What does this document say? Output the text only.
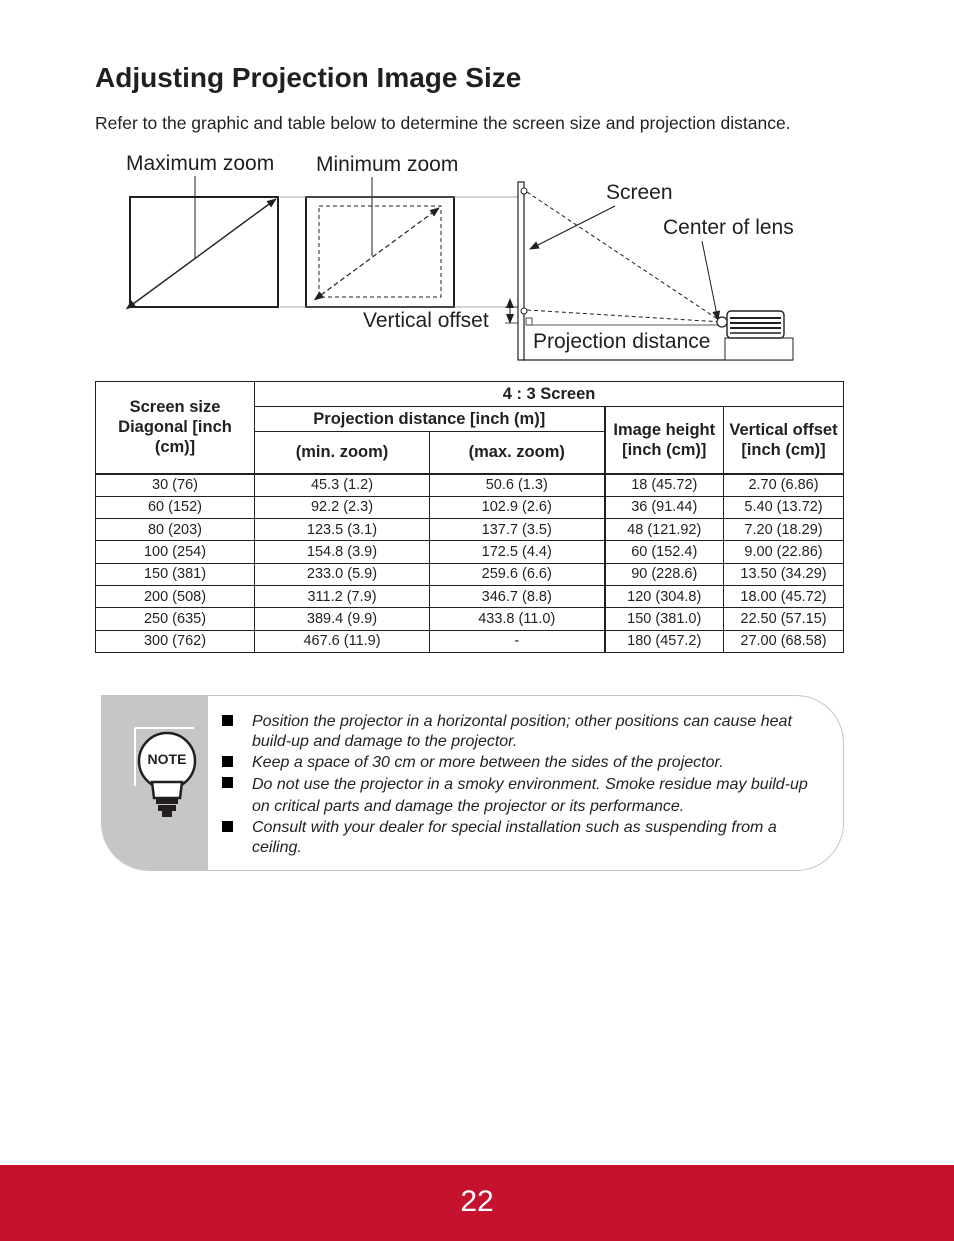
Adjusting Projection Image Size

Refer to the graphic and table below to determine the screen size and projection distance.

Maximum zoom Minimum zoom
Screen
Center of lens
Vertical offset
Projection distance
Screen size Diagonal [inch (cm)]	4 : 3 Screen			
	Projection distance [inch (m)]		Image height [inch (cm)]	Vertical offset [inch (cm)]
	(min. zoom)	(max. zoom)		
30 (76)	45.3 (1.2)	50.6 (1.3)	18 (45.72)	2.70 (6.86)
60 (152)	92.2 (2.3)	102.9 (2.6)	36 (91.44)	5.40 (13.72)
80 (203)	123.5 (3.1)	137.7 (3.5)	48 (121.92)	7.20 (18.29)
100 (254)	154.8 (3.9)	172.5 (4.4)	60 (152.4)	9.00 (22.86)
150 (381)	233.0 (5.9)	259.6 (6.6)	90 (228.6)	13.50 (34.29)
200 (508)	311.2 (7.9)	346.7 (8.8)	120 (304.8)	18.00 (45.72)
250 (635)	389.4 (9.9)	433.8 (11.0)	150 (381.0)	22.50 (57.15)
300 (762)	467.6 (11.9)	-	180 (457.2)	27.00 (68.58)
NOTE
Position the projector in a horizontal position; other positions can cause heat build-up and damage to the projector.
Keep a space of 30 cm or more between the sides of the projector.
Do not use the projector in a smoky environment. Smoke residue may build-up on critical parts and damage the projector or its performance.
Consult with your dealer for special installation such as suspending from a ceiling.
22
